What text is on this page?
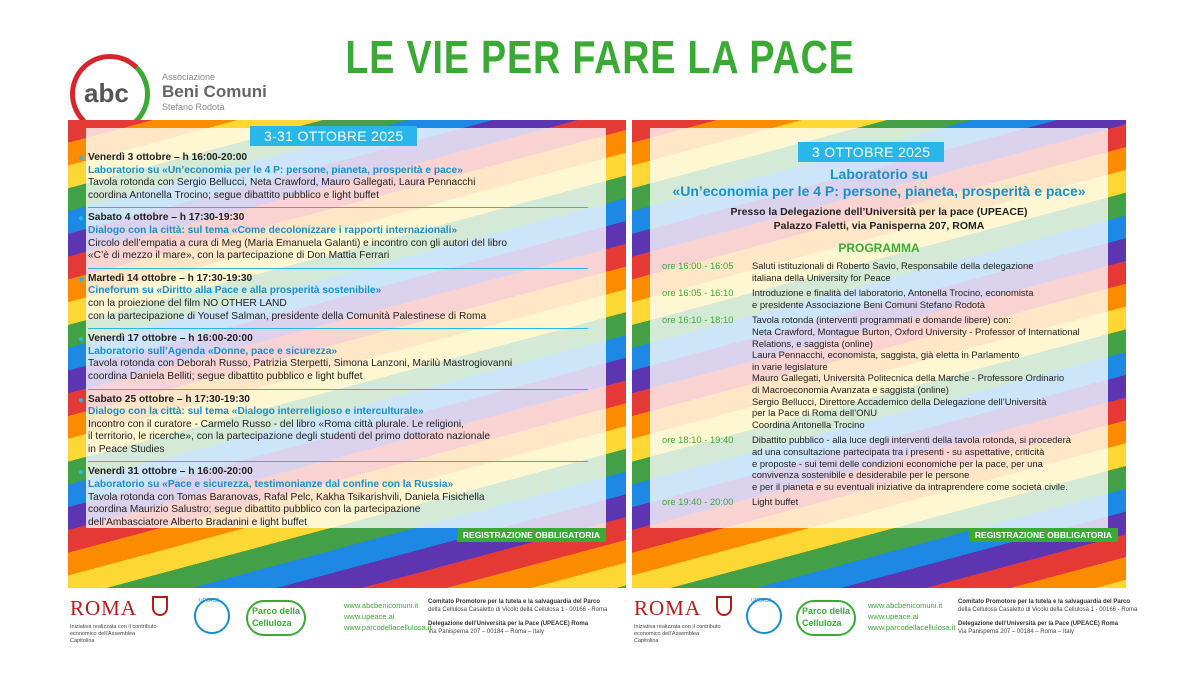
LE VIE PER FARE LA PACE
abc
Associazione
Beni Comuni
Stefano Rodotà
3-31 OTTOBRE 2025
● Venerdì 3 ottobre – h 16:00-20:00
Laboratorio su «Un’economia per le 4 P: persone, pianeta, prosperità e pace»
Tavola rotonda con Sergio Bellucci, Neta Crawford, Mauro Gallegati, Laura Pennacchi
coordina Antonella Trocino; segue dibattito pubblico e light buffet
● Sabato 4 ottobre – h 17:30-19:30
Dialogo con la città: sul tema «Come decolonizzare i rapporti internazionali»
Circolo dell’empatia a cura di Meg (Maria Emanuela Galanti) e incontro con gli autori del libro
«C’è di mezzo il mare», con la partecipazione di Don Mattia Ferrari
● Martedì 14 ottobre – h 17:30-19:30
Cineforum su «Diritto alla Pace e alla prosperità sostenibile»
con la proiezione del film NO OTHER LAND
con la partecipazione di Yousef Salman, presidente della Comunità Palestinese di Roma
● Venerdì 17 ottobre – h 16:00-20:00
Laboratorio sull’Agenda «Donne, pace e sicurezza»
Tavola rotonda con Deborah Russo, Patrizia Sterpetti, Simona Lanzoni, Marilù Mastrogiovanni
coordina Daniela Belliti; segue dibattito pubblico e light buffet
● Sabato 25 ottobre – h 17:30-19:30
Dialogo con la città: sul tema «Dialogo interreligioso e interculturale»
Incontro con il curatore - Carmelo Russo - del libro «Roma città plurale. Le religioni,
il territorio, le ricerche», con la partecipazione degli studenti del primo dottorato nazionale
in Peace Studies
● Venerdì 31 ottobre – h 16:00-20:00
Laboratorio su «Pace e sicurezza, testimonianze dal confine con la Russia»
Tavola rotonda con Tomas Baranovas, Rafal Pelc, Kakha Tsikarishvili, Daniela Fisichella
coordina Maurizio Salustro; segue dibattito pubblico con la partecipazione
dell’Ambasciatore Alberto Bradanini e light buffet
REGISTRAZIONE OBBLIGATORIA
3 OTTOBRE 2025
Laboratorio su
«Un’economia per le 4 P: persone, pianeta, prosperità e pace»
Presso la Delegazione dell’Università per la pace (UPEACE)
Palazzo Faletti, via Panisperna 207, ROMA
PROGRAMMA
ore 16:00 - 16:05	Saluti istituzionali di Roberto Savio, Responsabile della delegazione
italiana della University for Peace
ore 16:05 - 16:10	Introduzione e finalità del laboratorio, Antonella Trocino, economista
e presidente Associazione Beni Comuni Stefano Rodotà
ore 16:10 - 18:10	Tavola rotonda (interventi programmati e domande libere) con:
Neta Crawford, Montague Burton, Oxford University - Professor of International
Relations, e saggista (online)
Laura Pennacchi, economista, saggista, già eletta in Parlamento
in varie legislature
Mauro Gallegati, Università Politecnica della Marche - Professore Ordinario
di Macroeconomia Avanzata e saggista (online)
Sergio Bellucci, Direttore Accademico della Delegazione dell’Università
per la Pace di Roma dell’ONU
Coordina Antonella Trocino
ore 18:10 - 19:40	Dibattito pubblico - alla luce degli interventi della tavola rotonda, si procederà
ad una consultazione partecipata tra i presenti - su aspettative, criticità
e proposte - sui temi delle condizioni economiche per la pace, per una
convivenza sostenibile e desiderabile per le persone
e per il pianeta e su eventuali iniziative da intraprendere come società civile.
ore 19:40 - 20:00	Light buffet
REGISTRAZIONE OBBLIGATORIA
ROMA
Iniziativa realizzata con il contributo economico dell’Assemblea Capitolina
UPEACE
Parco della
Celluloza
www.abcbenicomuni.it
www.upeace.ai
www.parcodellacellulosa.it
Comitato Promotore per la tutela e la salvaguardia del Parco
della Cellulosa Casaletto di Vicolo della Cellulosa 1 - 00166 - Roma
Delegazione dell’Università per la Pace (UPEACE) Roma
Via Panisperna 207 – 00184 – Roma – Italy
ROMA
Iniziativa realizzata con il contributo economico dell’Assemblea Capitolina
UPEACE
Parco della
Celluloza
www.abcbenicomuni.it
www.upeace.ai
www.parcodellacellulosa.it
Comitato Promotore per la tutela e la salvaguardia del Parco
della Cellulosa Casaletto di Vicolo della Cellulosa 1 - 00166 - Roma
Delegazione dell’Università per la Pace (UPEACE) Roma
Via Panisperna 207 – 00184 – Roma – Italy
